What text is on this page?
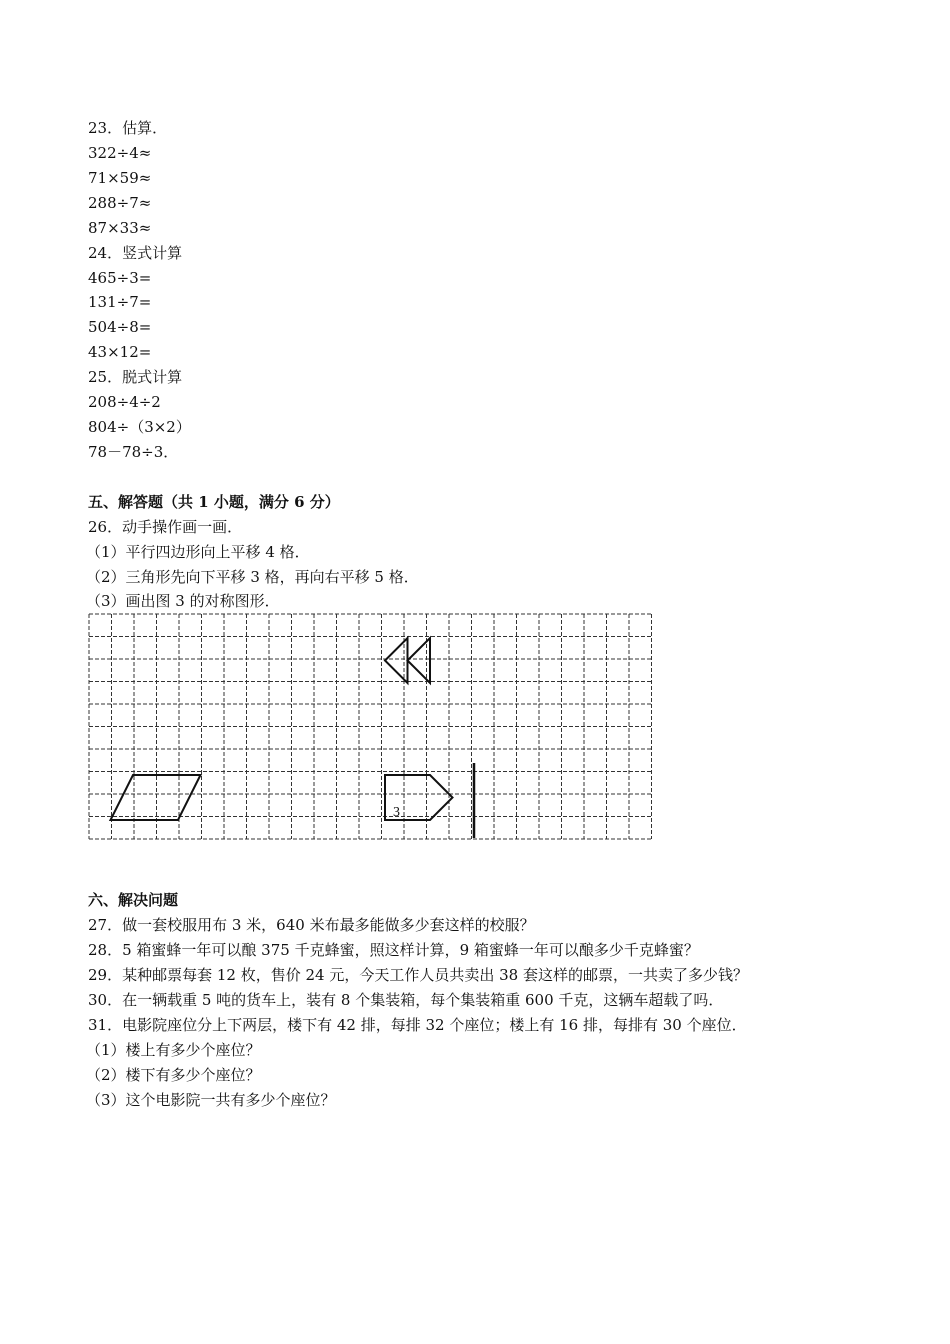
23．估算．
322÷4≈
71×59≈
288÷7≈
87×33≈
24．竖式计算
465÷3=
131÷7=
504÷8=
43×12=
25．脱式计算
208÷4÷2
804÷（3×2）
78－78÷3．
五、解答题（共 1 小题，满分 6 分）
26．动手操作画一画．
（1）平行四边形向上平移 4 格．
（2）三角形先向下平移 3 格，再向右平移 5 格．
（3）画出图 3 的对称图形．
3
六、解决问题
27．做一套校服用布 3 米，640 米布最多能做多少套这样的校服？
28．5 箱蜜蜂一年可以酿 375 千克蜂蜜，照这样计算，9 箱蜜蜂一年可以酿多少千克蜂蜜？
29．某种邮票每套 12 枚，售价 24 元，今天工作人员共卖出 38 套这样的邮票，一共卖了多少钱？
30．在一辆载重 5 吨的货车上，装有 8 个集装箱，每个集装箱重 600 千克，这辆车超载了吗．
31．电影院座位分上下两层，楼下有 42 排，每排 32 个座位；楼上有 16 排，每排有 30 个座位．
（1）楼上有多少个座位？
（2）楼下有多少个座位？
（3）这个电影院一共有多少个座位？
